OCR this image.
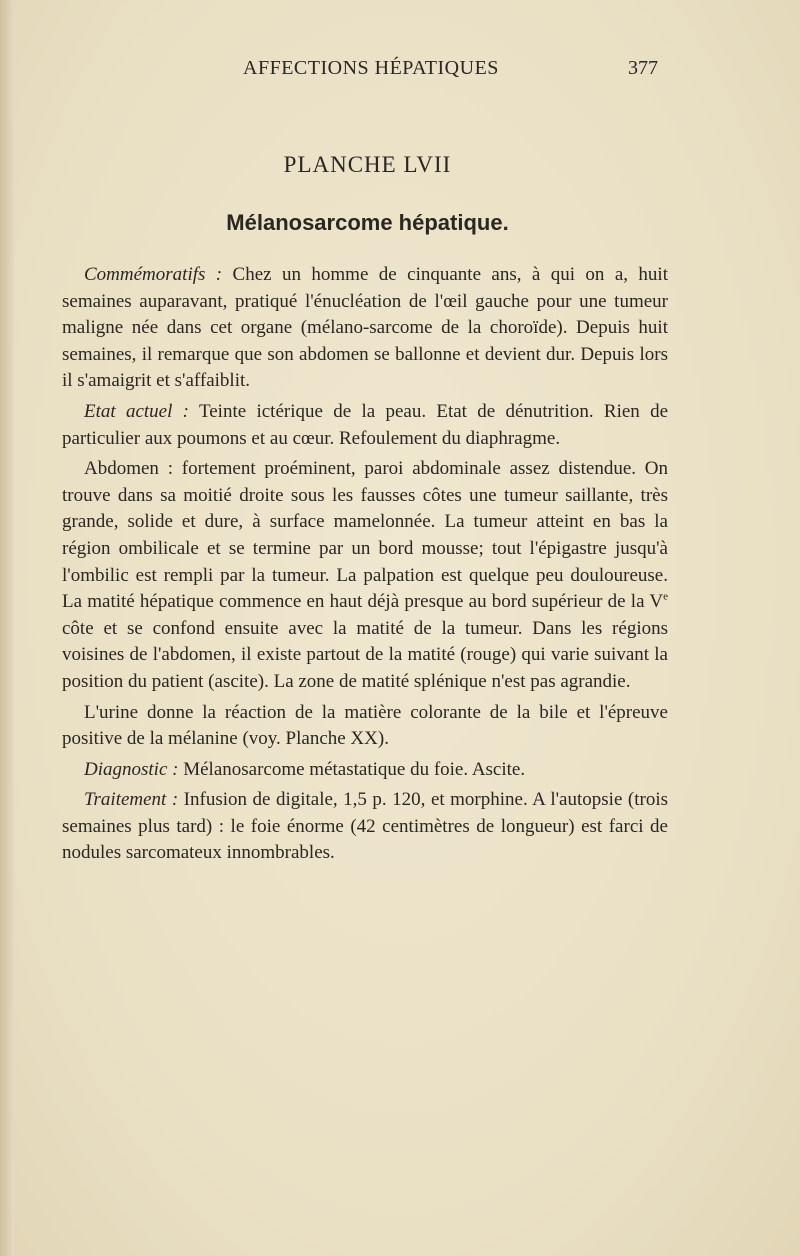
AFFECTIONS HÉPATIQUES	377
PLANCHE LVII
Mélanosarcome hépatique.

Commémoratifs : Chez un homme de cinquante ans, à qui on a, huit semaines auparavant, pratiqué l'énucléation de l'œil gauche pour une tumeur maligne née dans cet organe (mélano-sarcome de la choroïde). Depuis huit semaines, il remarque que son abdomen se ballonne et devient dur. Depuis lors il s'amaigrit et s'affaiblit.

Etat actuel : Teinte ictérique de la peau. Etat de dénutrition. Rien de particulier aux poumons et au cœur. Refoulement du diaphragme.

Abdomen : fortement proéminent, paroi abdominale assez distendue. On trouve dans sa moitié droite sous les fausses côtes une tumeur saillante, très grande, solide et dure, à surface mamelonnée. La tumeur atteint en bas la région ombilicale et se termine par un bord mousse; tout l'épigastre jusqu'à l'ombilic est rempli par la tumeur. La palpation est quelque peu douloureuse. La matité hépatique commence en haut déjà presque au bord supérieur de la Ve côte et se confond ensuite avec la matité de la tumeur. Dans les régions voisines de l'abdomen, il existe partout de la matité (rouge) qui varie suivant la position du patient (ascite). La zone de matité splénique n'est pas agrandie.

L'urine donne la réaction de la matière colorante de la bile et l'épreuve positive de la mélanine (voy. Planche XX).

Diagnostic : Mélanosarcome métastatique du foie. Ascite.

Traitement : Infusion de digitale, 1,5 p. 120, et morphine. A l'autopsie (trois semaines plus tard) : le foie énorme (42 centimètres de longueur) est farci de nodules sarcomateux innombrables.
